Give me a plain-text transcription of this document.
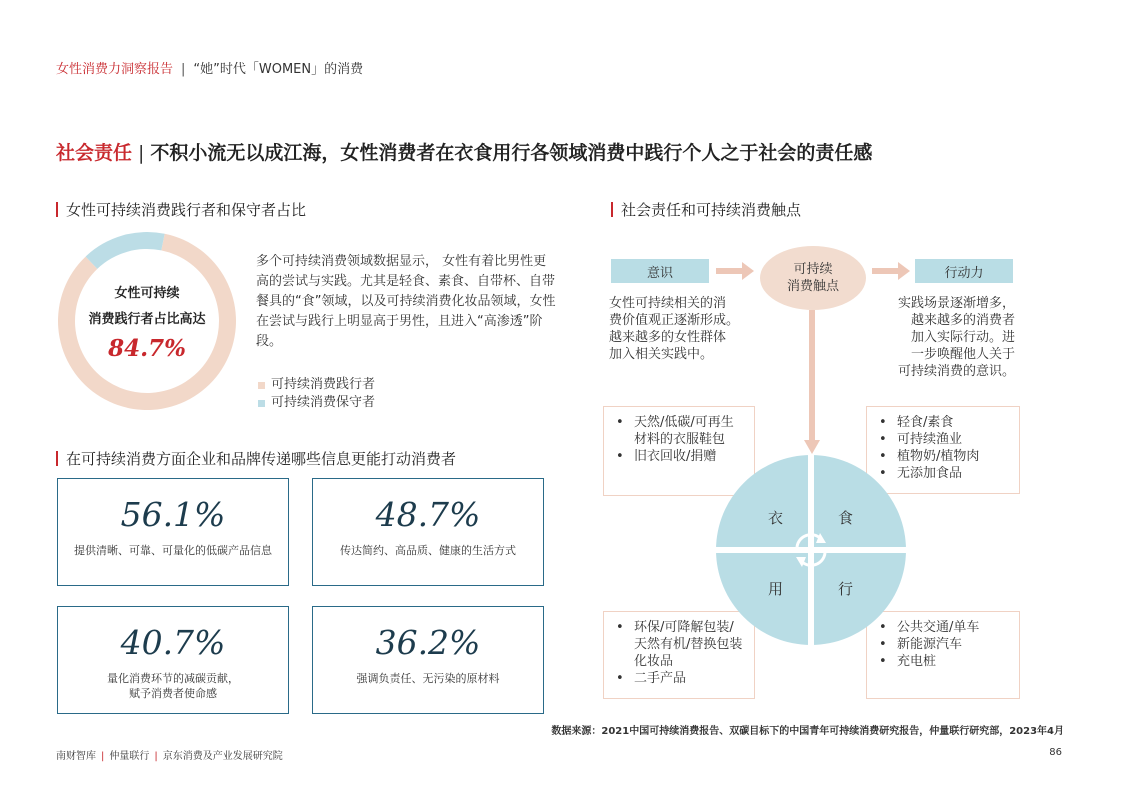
女性消费力洞察报告 | “她”时代「WOMEN」的消费
社会责任 | 不积小流无以成江海，女性消费者在衣食用行各领域消费中践行个人之于社会的责任感
女性可持续消费践行者和保守者占比
女性可持续
消费践行者占比高达
84.7%
多个可持续消费领域数据显示， 女性有着比男性更高的尝试与实践。尤其是轻食、素食、自带杯、自带餐具的“食”领域，以及可持续消费化妆品领域，女性在尝试与践行上明显高于男性，且进入“高渗透”阶段。
可持续消费践行者
可持续消费保守者
在可持续消费方面企业和品牌传递哪些信息更能打动消费者
56.1%
提供清晰、可靠、可量化的低碳产品信息
48.7%
传达简约、高品质、健康的生活方式
40.7%
量化消费环节的减碳贡献，
赋予消费者使命感
36.2%
强调负责任、无污染的原材料
社会责任和可持续消费触点
意识	可持续
消费触点
行动力
女性可持续相关的消
费价值观正逐渐形成。
越来越多的女性群体
加入相关实践中。
实践场景逐渐增多，
越来越多的消费者
加入实际行动。进
一步唤醒他人关于
可持续消费的意识。
• 天然/低碳/可再生材料的衣服鞋包
• 旧衣回收/捐赠
• 轻食/素食
• 可持续渔业
• 植物奶/植物肉
• 无添加食品
• 环保/可降解包装/天然有机/替换包装化妆品
• 二手产品
• 公共交通/单车
• 新能源汽车
• 充电桩
衣	食
用	行
数据来源：2021中国可持续消费报告、双碳目标下的中国青年可持续消费研究报告，仲量联行研究部，2023年4月
南财智库 | 仲量联行 | 京东消费及产业发展研究院	86
